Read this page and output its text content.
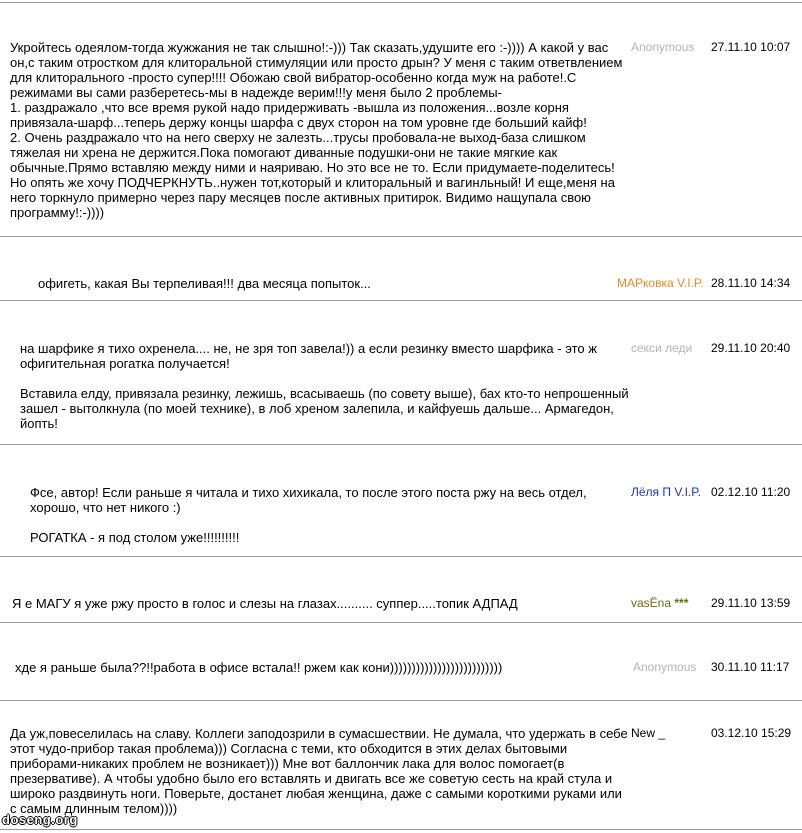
Укройтесь одеялом-тогда жужжания не так слышно!:-))) Так сказать,удушите его :-)))) А какой у вас

он,с таким отростком для клиторальной стимуляции или просто дрын? У меня с таким ответвлением

для клиторального -просто супер!!!! Обожаю свой вибратор-особенно когда муж на работе!.С

режимами вы сами разберетесь-мы в надежде верим!!!у меня было 2 проблемы-

1. раздражало ,что все время рукой надо придерживать -вышла из положения...возле корня

привязала-шарф...теперь держу концы шарфа с двух сторон на том уровне где больший кайф!

2. Очень раздражало что на него сверху не залезть...трусы пробовала-не выход-база слишком

тяжелая ни хрена не держится.Пока помогают диванные подушки-они не такие мягкие как

обычные.Прямо вставляю между ними и наяриваю. Но это все не то. Если придумаете-поделитесь!

Но опять же хочу ПОДЧЕРКНУТЬ..нужен тот,который и клиторальный и вагинльный! И еще,меня на

него торкнуло примерно через пару месяцев после активных притирок. Видимо нащупала свою

программу!:-))))

Anonymous 27.11.10 10:07

офигеть, какая Вы терпеливая!!! два месяца попыток...	МАРковка V.I.P. 28.11.10 14:34

на шарфике я тихо охренела.... не, не зря топ завела!)) а если резинку вместо шарфика - это ж

офигительная рогатка получается!

Вставила елду, привязала резинку, лежишь, всасываешь (по совету выше), бах кто-то непрошенный

зашел - вытолкнула (по моей технике), в лоб хреном залепила, и кайфуешь дальше... Армагедон,

йопть!

секси леди 29.11.10 20:40

Фсе, автор! Если раньше я читала и тихо хихикала, то после этого поста ржу на весь отдел,

хорошо, что нет никого :)

РОГАТКА - я под столом уже!!!!!!!!!!

Лёля П V.I.P. 02.12.10 11:20

Я е МАГУ я уже ржу просто в голос и слезы на глазах.......... суппер.....топик АДПАД	vasЁna *** 29.11.10 13:59

хде я раньше была??!!работа в офисе встала!! ржем как кони))))))))))))))))))))))))))	Anonymous 30.11.10 11:17

Да уж,повеселилась на славу. Коллеги заподозрили в сумасшествии. Не думала, что удержать в себе

этот чудо-прибор такая проблема))) Согласна с теми, кто обходится в этих делах бытовыми

приборами-никаких проблем не возникает))) Мне вот баллончик лака для волос помогает(в

презервативе). А чтобы удобно было его вставлять и двигать все же советую сесть на край стула и

широко раздвинуть ноги. Поверьте, достанет любая женщина, даже с самыми короткими руками или

с самым длинным телом))))

New _	03.12.10 15:29
doseng.org
